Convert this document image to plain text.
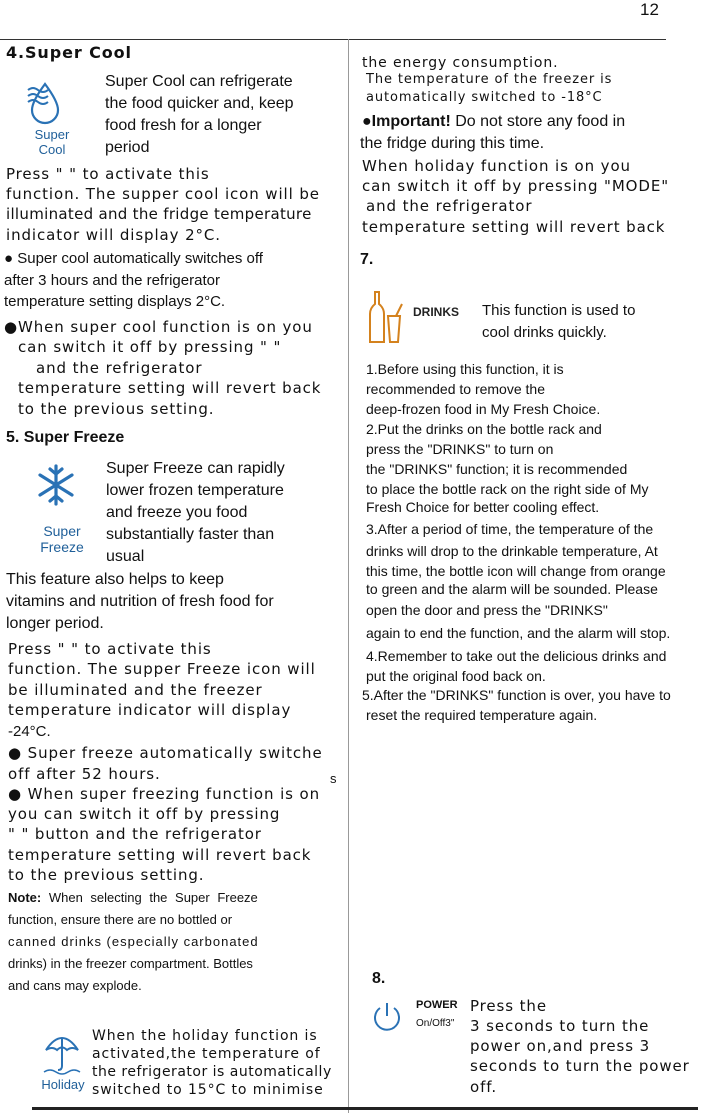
12
4.Super Cool
Super
Cool
Super Cool can refrigerate
the food quicker and, keep
food fresh for a longer
period
Press " " to activate this
function. The supper cool icon will be
illuminated and the fridge temperature
indicator will display 2°C.
● Super cool automatically switches off
after 3 hours and the refrigerator
temperature setting displays 2°C.
●When super cool function is on you
can switch it off by pressing " "
and the refrigerator
temperature setting will revert back
to the previous setting.
5. Super Freeze
Super
Freeze
Super Freeze can rapidly
lower frozen temperature
and freeze you food
substantially faster than
usual
This feature also helps to keep
vitamins and nutrition of fresh food for
longer period.
Press " " to activate this
function. The supper Freeze icon will
be illuminated and the freezer
temperature indicator will display
-24°C.
● Super freeze automatically switche
off after 52 hours.	s
● When super freezing function is on
you can switch it off by pressing
" " button and the refrigerator
temperature setting will revert back
to the previous setting.
Note: When selecting the Super Freeze
function, ensure there are no bottled or
canned drinks (especially carbonated
drinks) in the freezer compartment. Bottles
and cans may explode.
Holiday
When the holiday function is
activated,the temperature of
the refrigerator is automatically
switched to 15°C to minimise
the energy consumption.
The temperature of the freezer is
automatically switched to -18°C
●Important! Do not store any food in
the fridge during this time.
When holiday function is on you
can switch it off by pressing "MODE"
and the refrigerator
temperature setting will revert back
7.
DRINKS This function is used to
cool drinks quickly.
1.Before using this function, it is
recommended to remove the
deep-frozen food in My Fresh Choice.
2.Put the drinks on the bottle rack and
press the "DRINKS" to turn on
the "DRINKS" function; it is recommended
to place the bottle rack on the right side of My
Fresh Choice for better cooling effect.
3.After a period of time, the temperature of the
drinks will drop to the drinkable temperature, At
this time, the bottle icon will change from orange
to green and the alarm will be sounded. Please
open the door and press the "DRINKS"
again to end the function, and the alarm will stop.
4.Remember to take out the delicious drinks and
put the original food back on.
5.After the "DRINKS" function is over, you have to
reset the required temperature again.
8.
POWER
On/Off3"
Press the
3 seconds to turn the
power on,and press 3
seconds to turn the power
off.
